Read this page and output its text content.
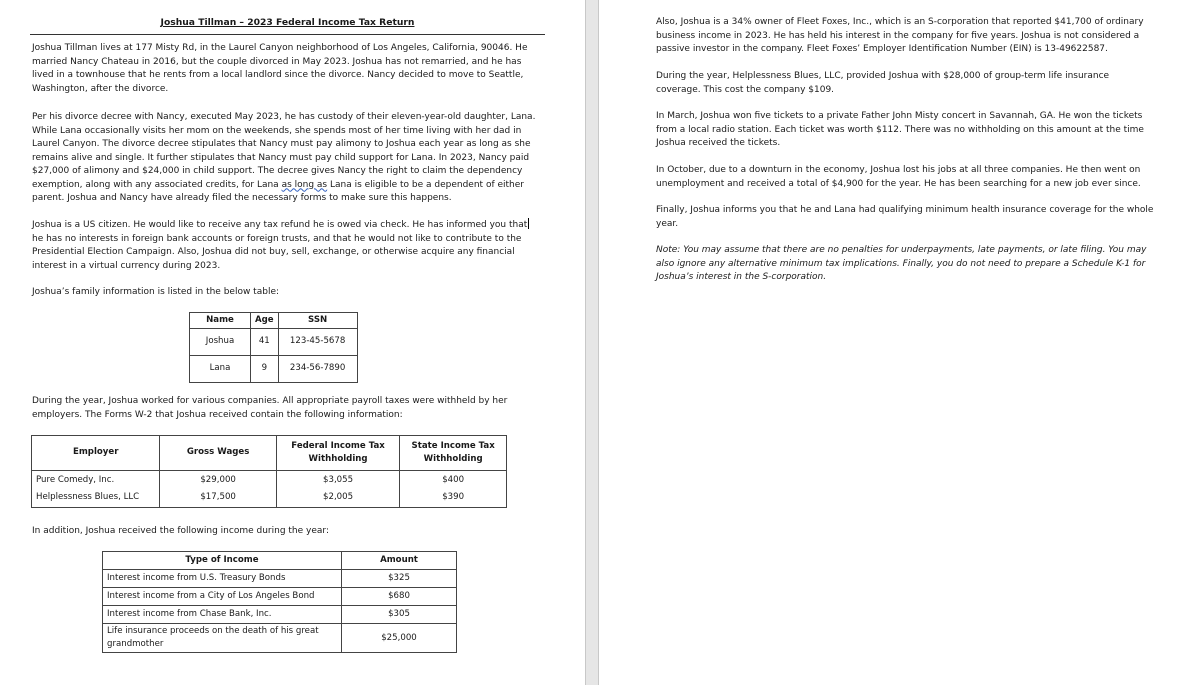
Joshua Tillman – 2023 Federal Income Tax Return

Joshua Tillman lives at 177 Misty Rd, in the Laurel Canyon neighborhood of Los Angeles, California, 90046. He married Nancy Chateau in 2016, but the couple divorced in May 2023. Joshua has not remarried, and he has lived in a townhouse that he rents from a local landlord since the divorce. Nancy decided to move to Seattle, Washington, after the divorce.

Per his divorce decree with Nancy, executed May 2023, he has custody of their eleven-year-old daughter, Lana. While Lana occasionally visits her mom on the weekends, she spends most of her time living with her dad in Laurel Canyon. The divorce decree stipulates that Nancy must pay alimony to Joshua each year as long as she remains alive and single. It further stipulates that Nancy must pay child support for Lana. In 2023, Nancy paid $27,000 of alimony and $24,000 in child support. The decree gives Nancy the right to claim the dependency exemption, along with any associated credits, for Lana as long as Lana is eligible to be a dependent of either parent. Joshua and Nancy have already filed the necessary forms to make sure this happens.

Joshua is a US citizen. He would like to receive any tax refund he is owed via check. He has informed you that he has no interests in foreign bank accounts or foreign trusts, and that he would not like to contribute to the Presidential Election Campaign. Also, Joshua did not buy, sell, exchange, or otherwise acquire any financial interest in a virtual currency during 2023.

Joshua’s family information is listed in the below table:

Name	Age	SSN
Joshua	41	123-45-5678
Lana	9	234-56-7890

During the year, Joshua worked for various companies. All appropriate payroll taxes were withheld by her employers. The Forms W-2 that Joshua received contain the following information:

Employer	Gross Wages	Federal Income Tax Withholding	State Income Tax Withholding
Pure Comedy, Inc.	$29,000	$3,055	$400
Helplessness Blues, LLC	$17,500	$2,005	$390

In addition, Joshua received the following income during the year:

Type of Income	Amount
Interest income from U.S. Treasury Bonds	$325
Interest income from a City of Los Angeles Bond	$680
Interest income from Chase Bank, Inc.	$305
Life insurance proceeds on the death of his great grandmother	$25,000

Also, Joshua is a 34% owner of Fleet Foxes, Inc., which is an S-corporation that reported $41,700 of ordinary business income in 2023. He has held his interest in the company for five years. Joshua is not considered a passive investor in the company. Fleet Foxes’ Employer Identification Number (EIN) is 13-49622587.

During the year, Helplessness Blues, LLC, provided Joshua with $28,000 of group-term life insurance coverage. This cost the company $109.

In March, Joshua won five tickets to a private Father John Misty concert in Savannah, GA. He won the tickets from a local radio station. Each ticket was worth $112. There was no withholding on this amount at the time Joshua received the tickets.

In October, due to a downturn in the economy, Joshua lost his jobs at all three companies. He then went on unemployment and received a total of $4,900 for the year. He has been searching for a new job ever since.

Finally, Joshua informs you that he and Lana had qualifying minimum health insurance coverage for the whole year.

Note: You may assume that there are no penalties for underpayments, late payments, or late filing. You may also ignore any alternative minimum tax implications. Finally, you do not need to prepare a Schedule K-1 for Joshua’s interest in the S-corporation.
